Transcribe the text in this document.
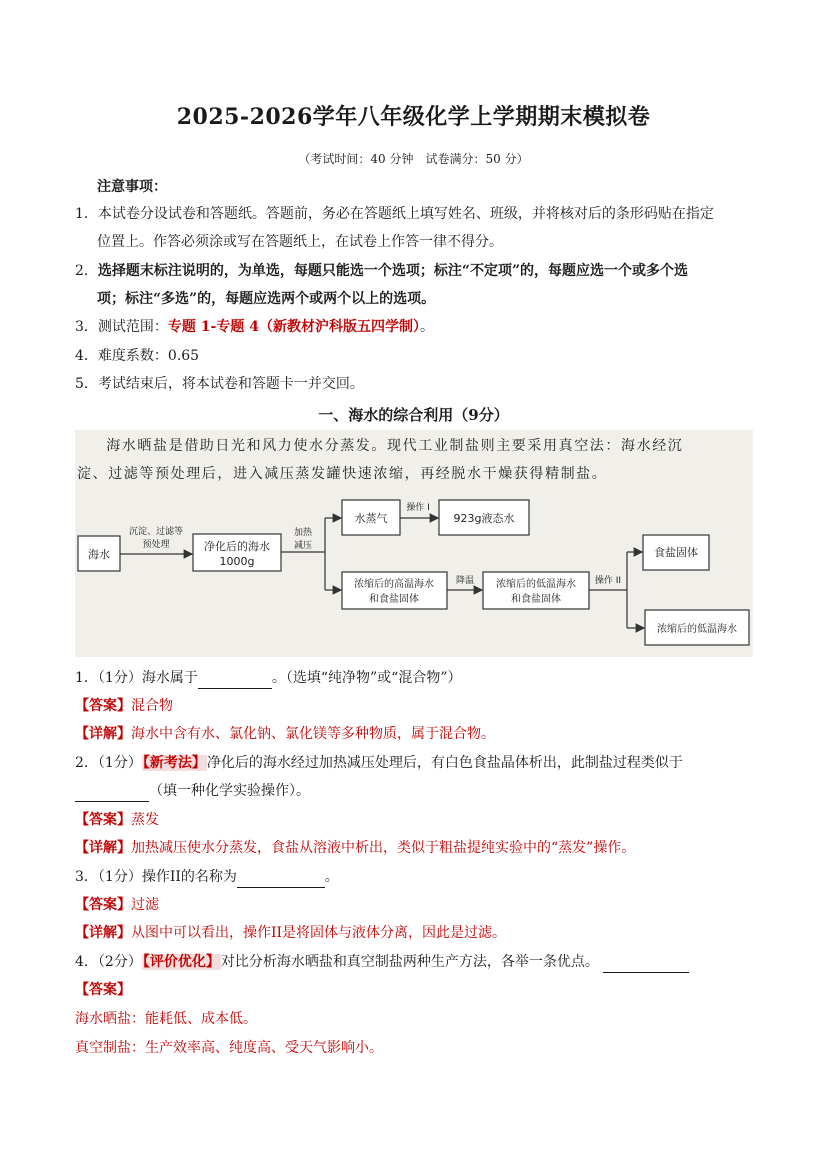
2025-2026学年八年级化学上学期期末模拟卷
（考试时间：40 分钟　试卷满分：50 分）
注意事项：
1．本试卷分设试卷和答题纸。答题前，务必在答题纸上填写姓名、班级，并将核对后的条形码贴在指定
位置上。作答必须涂或写在答题纸上，在试卷上作答一律不得分。
2．选择题末标注说明的，为单选，每题只能选一个选项；标注“不定项”的，每题应选一个或多个选
项；标注“多选”的，每题应选两个或两个以上的选项。
3．测试范围：专题 1-专题 4（新教材沪科版五四学制）。
4．难度系数：0.65
5．考试结束后，将本试卷和答题卡一并交回。
一、海水的综合利用（9分）

　　海水晒盐是借助日光和风力使水分蒸发。现代工业制盐则主要采用真空法：海水经沉

淀、过滤等预处理后，进入减压蒸发罐快速浓缩，再经脱水干燥获得精制盐。

海水
沉淀、过滤等
预处理	净化后的海水
1000g
加热
减压
水蒸气
操作 I
923g液态水
浓缩后的高温海水
和食盐固体
降温 浓缩后的低温海水
和食盐固体
操作 II
食盐固体
浓缩后的低温海水
1．（1分）海水属于	。（选填“纯净物”或“混合物”）
【答案】混合物
【详解】海水中含有水、氯化钠、氯化镁等多种物质，属于混合物。
2．（1分）【新考法】净化后的海水经过加热减压处理后，有白色食盐晶体析出，此制盐过程类似于
（填一种化学实验操作）。
【答案】蒸发
【详解】加热减压使水分蒸发，食盐从溶液中析出，类似于粗盐提纯实验中的“蒸发”操作。
3．（1分）操作II的名称为	。
【答案】过滤
【详解】从图中可以看出，操作II是将固体与液体分离，因此是过滤。
4．（2分）【评价优化】对比分析海水晒盐和真空制盐两种生产方法，各举一条优点。
【答案】
海水晒盐：能耗低、成本低。
真空制盐：生产效率高、纯度高、受天气影响小。
